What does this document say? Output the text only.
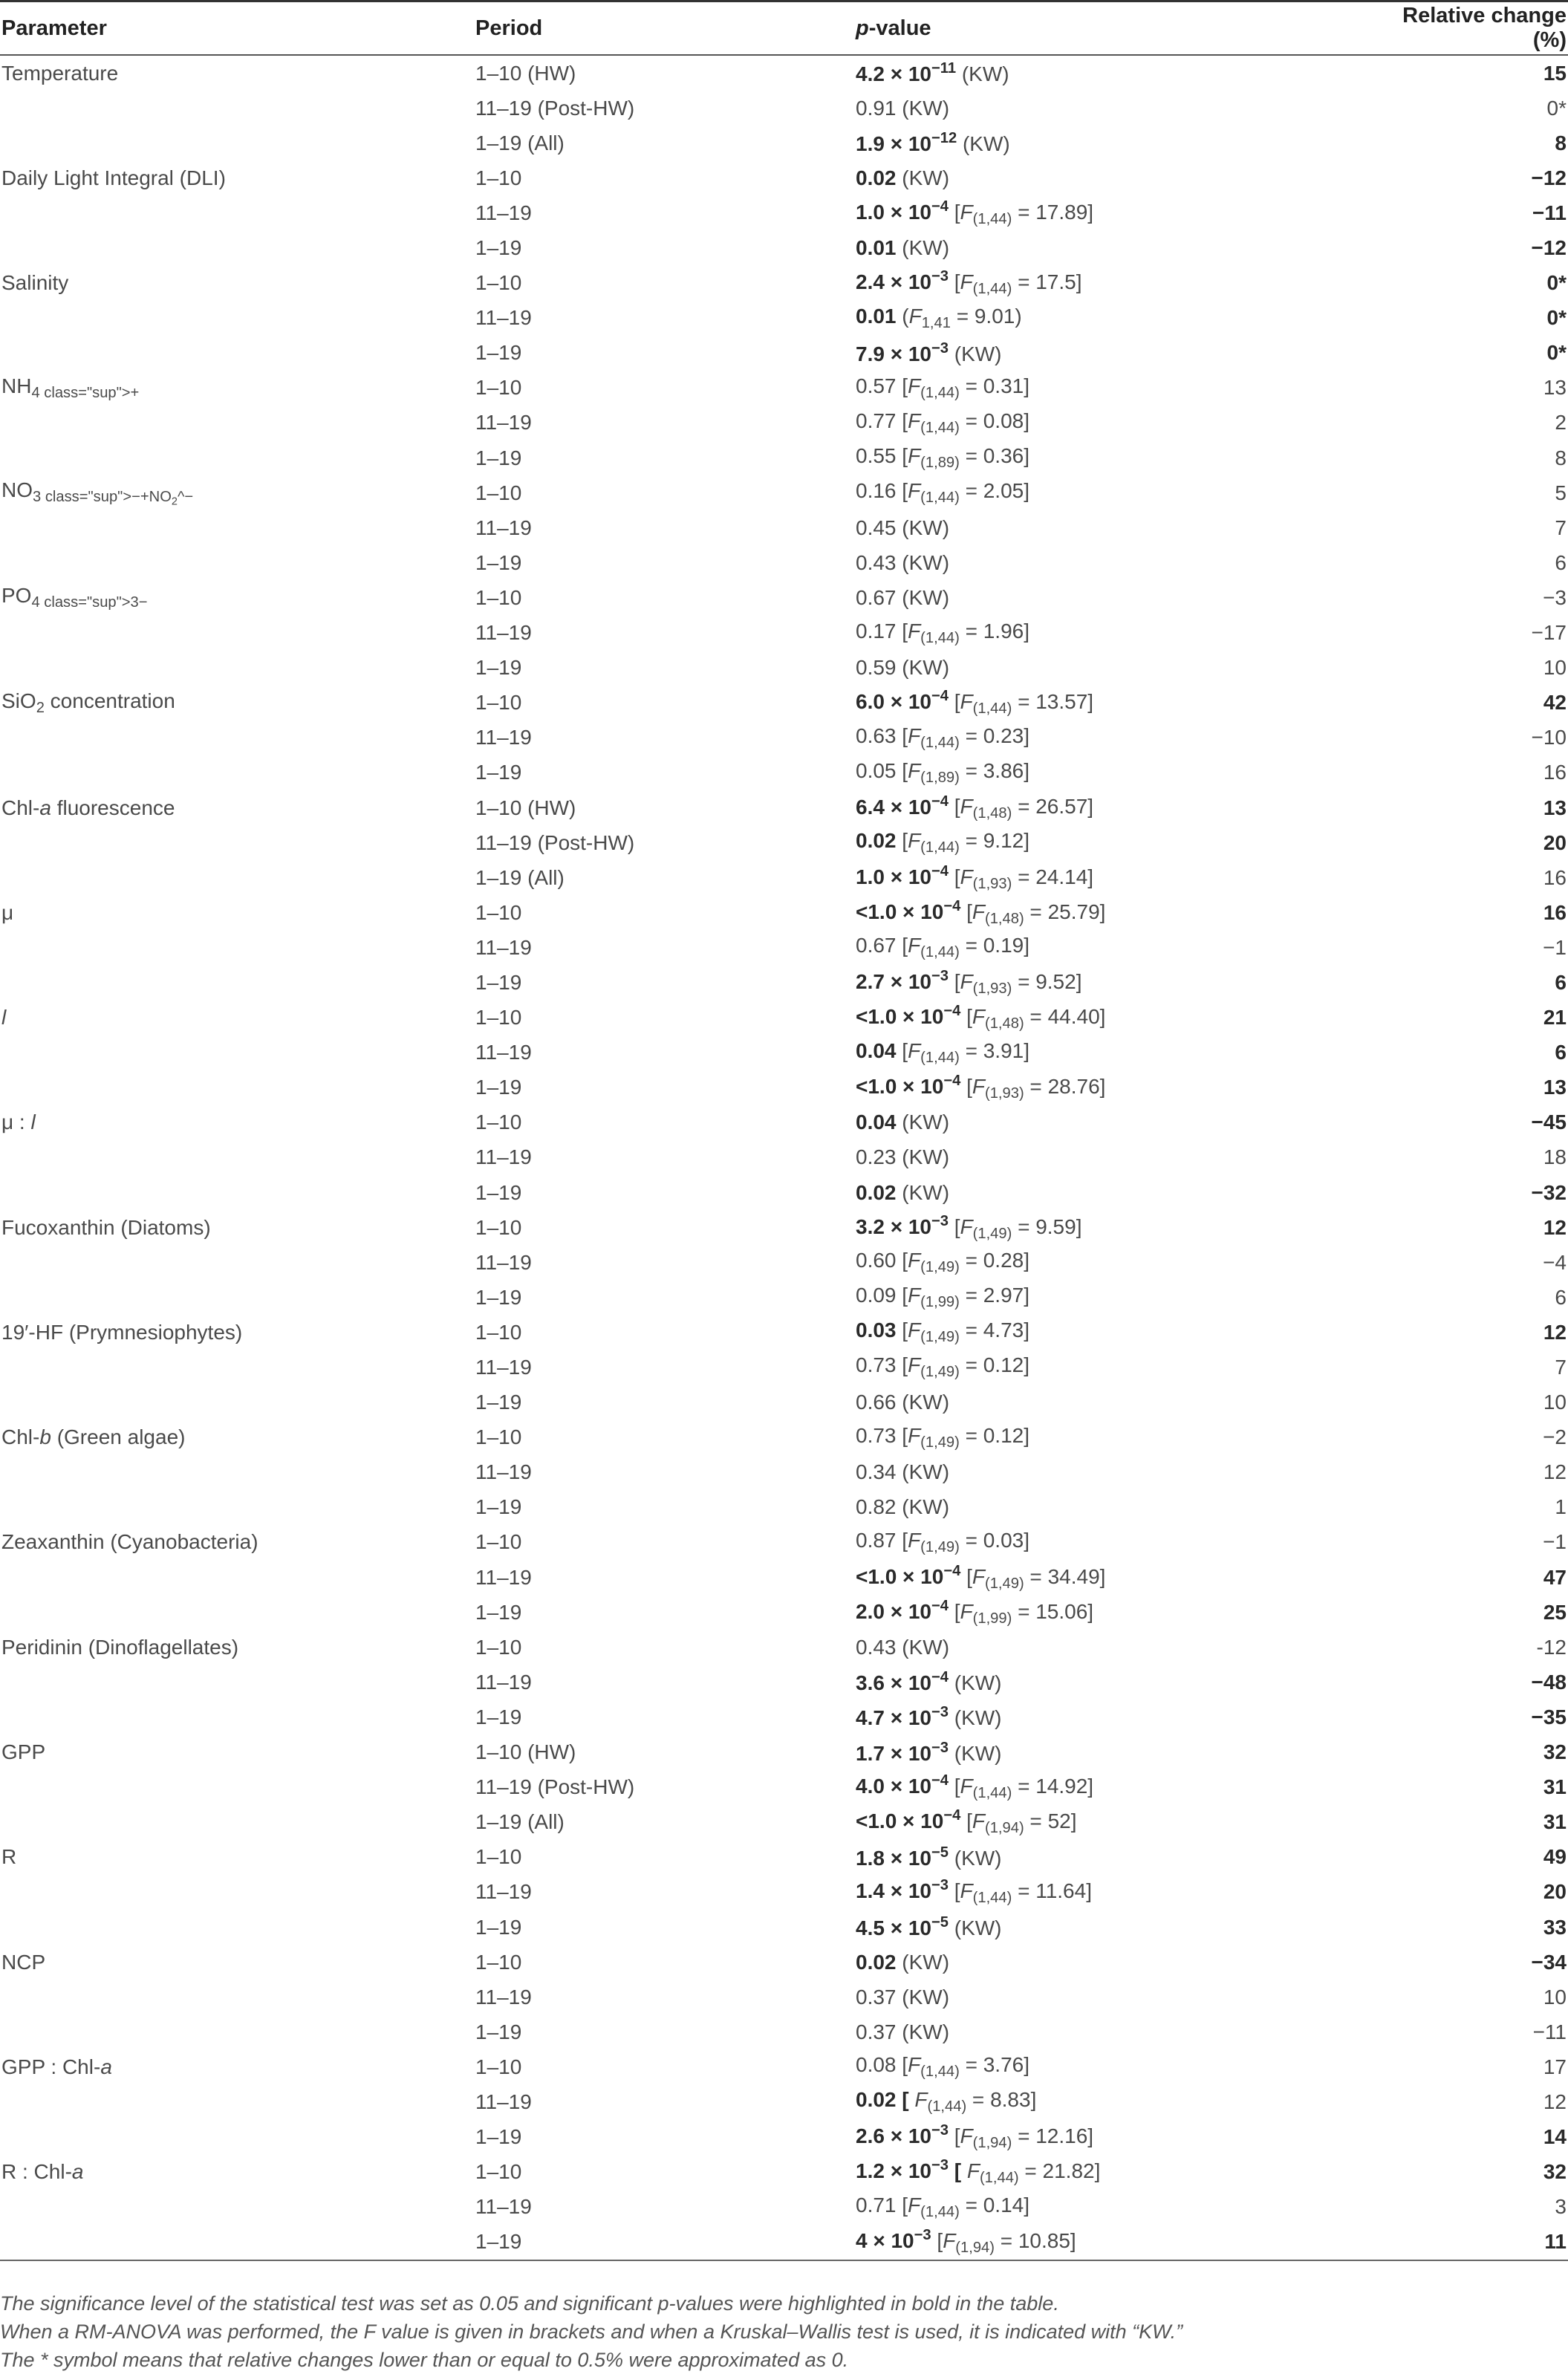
Parameter	Period	p-value	Relative change (%)
Temperature	1–10 (HW)	$4.2 \times 10^{-11}$ (KW)	15
	11–19 (Post-HW)	0.91 (KW)	0*
	1–19 (All)	$1.9 \times 10^{-12}$ (KW)	8
Daily Light Integral (DLI)	1–10	0.02 (KW)	−12
	11–19	$1.0 \times 10^{-4}$ $[F_{(1,44)} = 17.89]$	−11
	1–19	0.01 (KW)	−12
Salinity	1–10	$2.4 \times 10^{-3}$ $[F_{(1,44)} = 17.5]$	0*
	11–19	0.01 $(F_{1,41} = 9.01)$	0*
	1–19	$7.9 \times 10^{-3}$ (KW)	0*
$NH_{4 class="sup">+}$	1–10	0.57 $[F_{(1,44)} = 0.31]$	13
	11–19	0.77 $[F_{(1,44)} = 0.08]$	2
	1–19	0.55 $[F_{(1,89)} = 0.36]$	8
$NO_{3 class="sup">-+NO_2\^{}-}$	1–10	0.16 $[F_{(1,44)} = 2.05]$	5
	11–19	0.45 (KW)	7
	1–19	0.43 (KW)	6
$PO_{4 class="sup">3-}$	1–10	0.67 (KW)	−3
	11–19	0.17 $[F_{(1,44)} = 1.96]$	−17
	1–19	0.59 (KW)	10
SiO$_2$ concentration	1–10	$6.0 \times 10^{-4}$ $[F_{(1,44)} = 13.57]$	42
	11–19	0.63 $[F_{(1,44)} = 0.23]$	−10
	1–19	0.05 $[F_{(1,89)} = 3.86]$	16
Chl-a fluorescence	1–10 (HW)	$6.4 \times 10^{-4}$ $[F_{(1,48)} = 26.57]$	13
	11–19 (Post-HW)	0.02 $[F_{(1,44)} = 9.12]$	20
	1–19 (All)	$1.0 \times 10^{-4}$ $[F_{(1,93)} = 24.14]$	16
μ	1–10	$<1.0 \times 10^{-4}$ $[F_{(1,48)} = 25.79]$	16
	11–19	0.67 $[F_{(1,44)} = 0.19]$	−1
	1–19	$2.7 \times 10^{-3}$ $[F_{(1,93)} = 9.52]$	6
l	1–10	$<1.0 \times 10^{-4}$ $[F_{(1,48)} = 44.40]$	21
	11–19	0.04 $[F_{(1,44)} = 3.91]$	6
	1–19	$<1.0 \times 10^{-4}$ $[F_{(1,93)} = 28.76]$	13
μ : l	1–10	0.04 (KW)	−45
	11–19	0.23 (KW)	18
	1–19	0.02 (KW)	−32
Fucoxanthin (Diatoms)	1–10	$3.2 \times 10^{-3}$ $[F_{(1,49)} = 9.59]$	12
	11–19	0.60 $[F_{(1,49)} = 0.28]$	−4
	1–19	0.09 $[F_{(1,99)} = 2.97]$	6
19′-HF (Prymnesiophytes)	1–10	0.03 $[F_{(1,49)} = 4.73]$	12
	11–19	0.73 $[F_{(1,49)} = 0.12]$	7
	1–19	0.66 (KW)	10
Chl-b (Green algae)	1–10	0.73 $[F_{(1,49)} = 0.12]$	−2
	11–19	0.34 (KW)	12
	1–19	0.82 (KW)	1
Zeaxanthin (Cyanobacteria)	1–10	0.87 $[F_{(1,49)} = 0.03]$	−1
	11–19	$<1.0 \times 10^{-4}$ $[F_{(1,49)} = 34.49]$	47
	1–19	$2.0 \times 10^{-4}$ $[F_{(1,99)} = 15.06]$	25
Peridinin (Dinoflagellates)	1–10	0.43 (KW)	-12
	11–19	$3.6 \times 10^{-4}$ (KW)	−48
	1–19	$4.7 \times 10^{-3}$ (KW)	−35
GPP	1–10 (HW)	$1.7 \times 10^{-3}$ (KW)	32
	11–19 (Post-HW)	$4.0 \times 10^{-4}$ $[F_{(1,44)} = 14.92]$	31
	1–19 (All)	$<1.0 \times 10^{-4}$ $[F_{(1,94)} = 52]$	31
R	1–10	$1.8 \times 10^{-5}$ (KW)	49
	11–19	$1.4 \times 10^{-3}$ $[F_{(1,44)} = 11.64]$	20
	1–19	$4.5 \times 10^{-5}$ (KW)	33
NCP	1–10	0.02 (KW)	−34
	11–19	0.37 (KW)	10
	1–19	0.37 (KW)	−11
GPP : Chl-a	1–10	0.08 $[F_{(1,44)} = 3.76]$	17
	11–19	0.02 [ $F_{(1,44)} = 8.83$]	12
	1–19	$2.6 \times 10^{-3}$ $[F_{(1,94)} = 12.16]$	14
R : Chl-a	1–10	$1.2 \times 10^{-3}$ [ $F_{(1,44)} = 21.82$]	32
	11–19	0.71 $[F_{(1,44)} = 0.14]$	3
	1–19	$4 \times 10^{-3}$ $[F_{(1,94)} = 10.85]$	11
The significance level of the statistical test was set as 0.05 and significant p-values were highlighted in bold in the table.
When a RM-ANOVA was performed, the F value is given in brackets and when a Kruskal–Wallis test is used, it is indicated with “KW.”
The * symbol means that relative changes lower than or equal to 0.5% were approximated as 0.
